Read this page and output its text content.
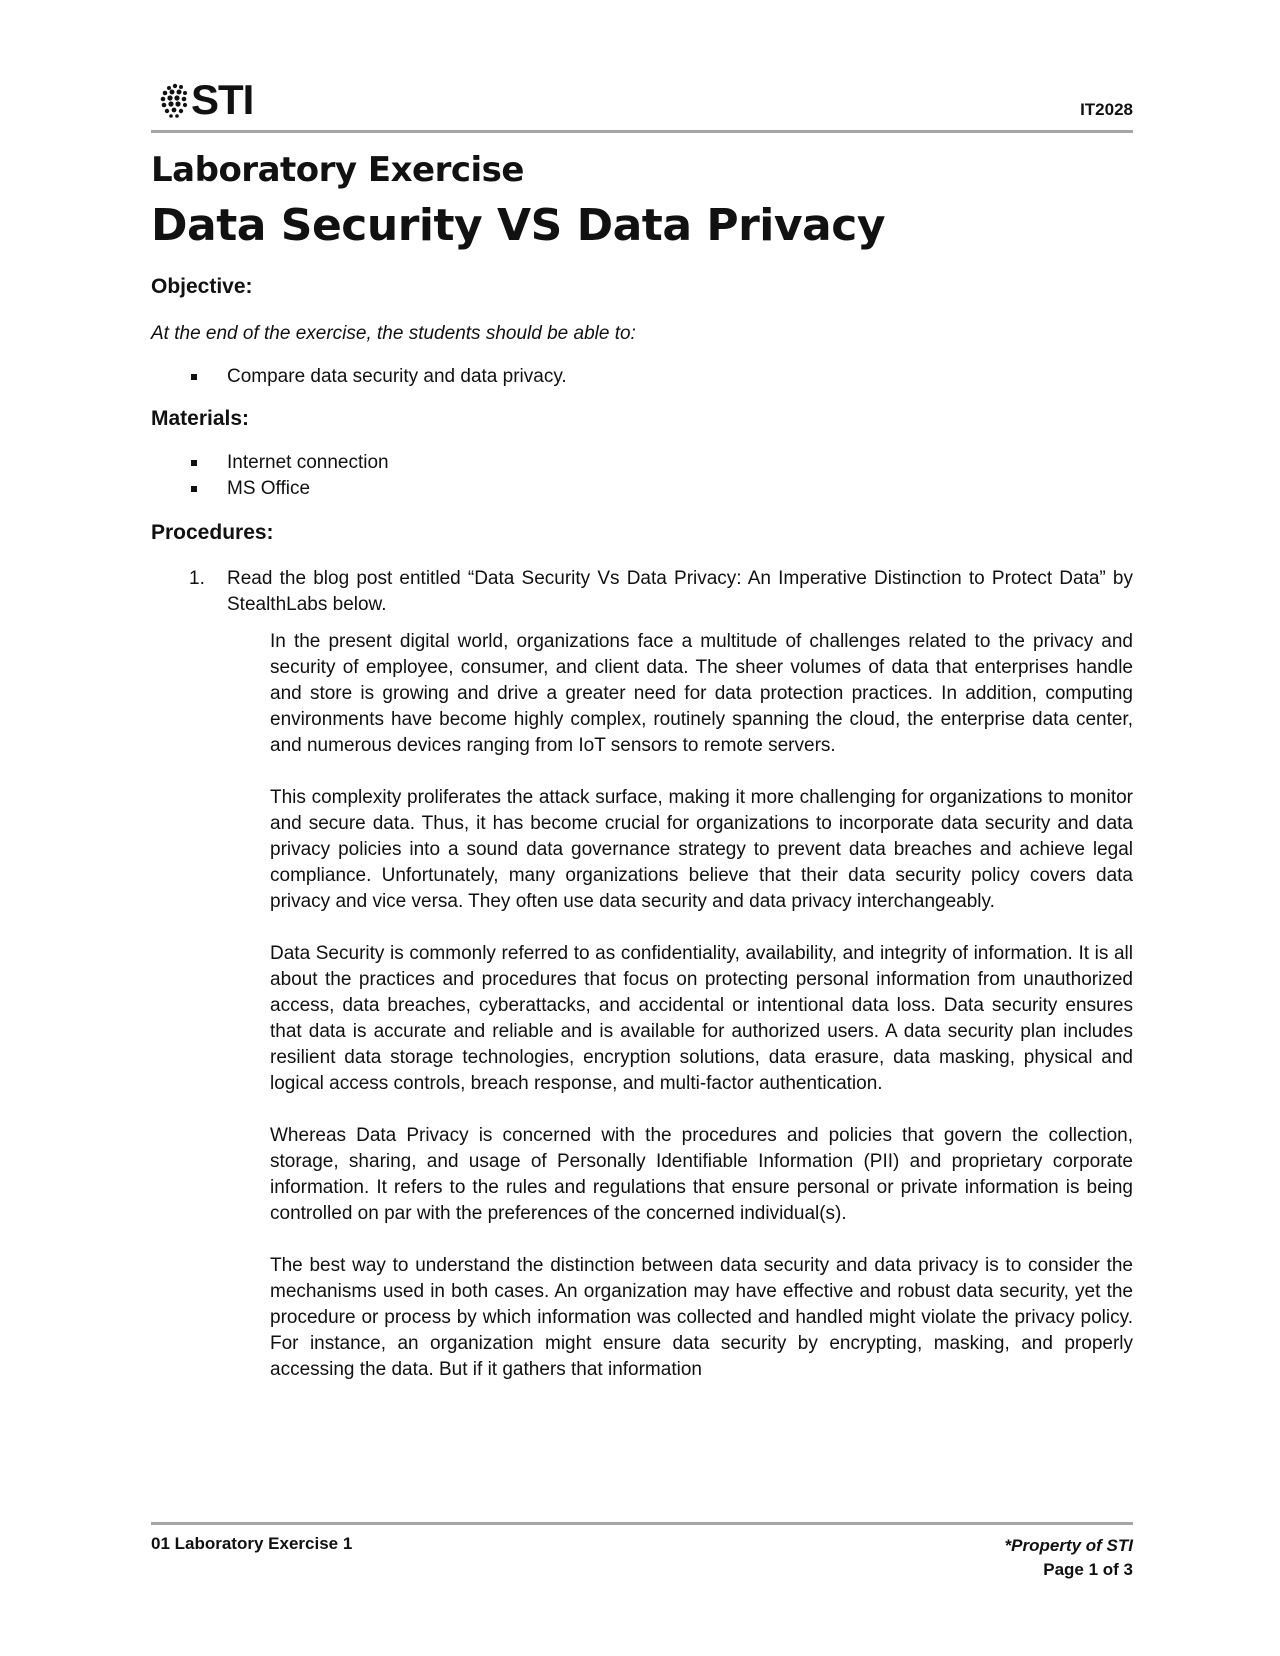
STI	IT2028
Laboratory Exercise
Data Security VS Data Privacy
Objective:
At the end of the exercise, the students should be able to:
Compare data security and data privacy.
Materials:
Internet connection
MS Office
Procedures:
1. Read the blog post entitled “Data Security Vs Data Privacy: An Imperative Distinction to Protect Data” by StealthLabs below.

In the present digital world, organizations face a multitude of challenges related to the privacy and security of employee, consumer, and client data. The sheer volumes of data that enterprises handle and store is growing and drive a greater need for data protection practices. In addition, computing environments have become highly complex, routinely spanning the cloud, the enterprise data center, and numerous devices ranging from IoT sensors to remote servers.

This complexity proliferates the attack surface, making it more challenging for organizations to monitor and secure data. Thus, it has become crucial for organizations to incorporate data security and data privacy policies into a sound data governance strategy to prevent data breaches and achieve legal compliance. Unfortunately, many organizations believe that their data security policy covers data privacy and vice versa. They often use data security and data privacy interchangeably.

Data Security is commonly referred to as confidentiality, availability, and integrity of information. It is all about the practices and procedures that focus on protecting personal information from unauthorized access, data breaches, cyberattacks, and accidental or intentional data loss. Data security ensures that data is accurate and reliable and is available for authorized users. A data security plan includes resilient data storage technologies, encryption solutions, data erasure, data masking, physical and logical access controls, breach response, and multi-factor authentication.

Whereas Data Privacy is concerned with the procedures and policies that govern the collection, storage, sharing, and usage of Personally Identifiable Information (PII) and proprietary corporate information. It refers to the rules and regulations that ensure personal or private information is being controlled on par with the preferences of the concerned individual(s).

The best way to understand the distinction between data security and data privacy is to consider the mechanisms used in both cases. An organization may have effective and robust data security, yet the procedure or process by which information was collected and handled might violate the privacy policy. For instance, an organization might ensure data security by encrypting, masking, and properly accessing the data. But if it gathers that information

01 Laboratory Exercise 1	*Property of STI
Page 1 of 3
